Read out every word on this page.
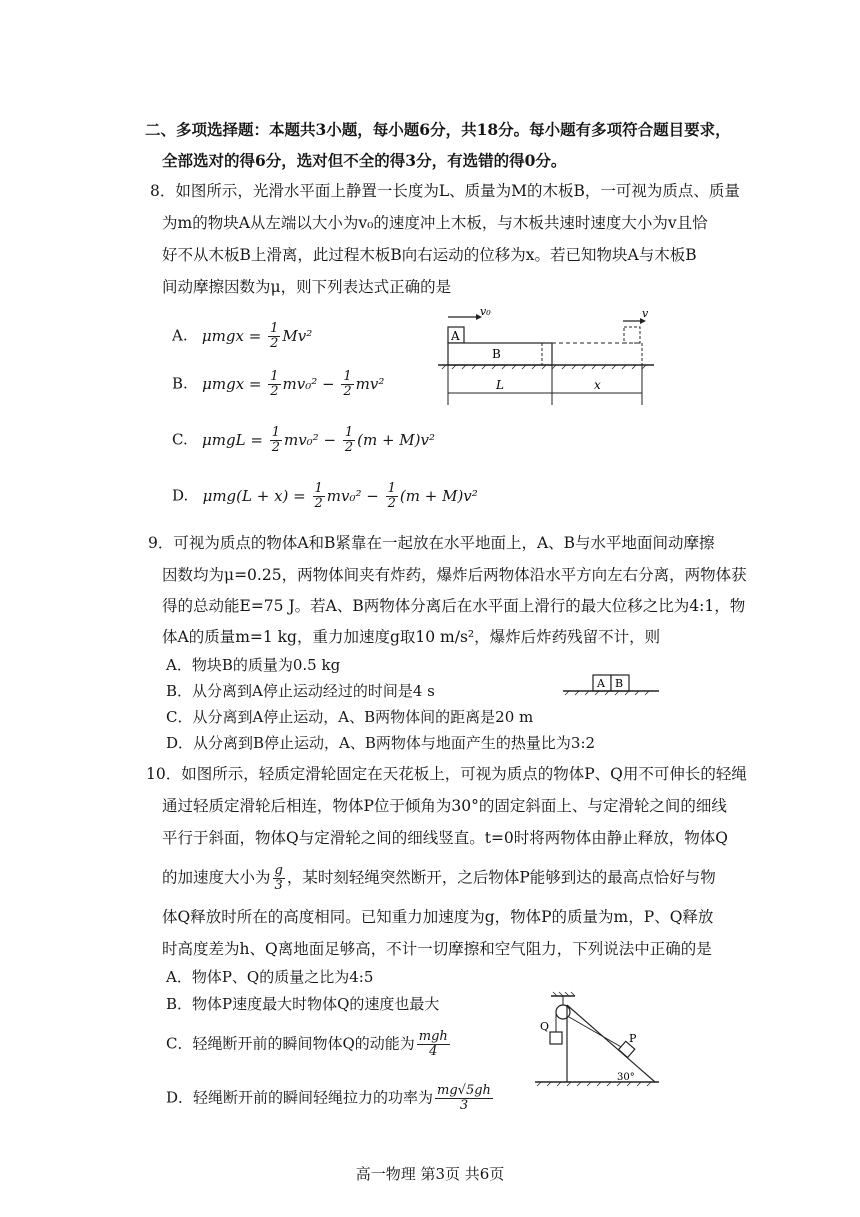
二、多项选择题：本题共3小题，每小题6分，共18分。每小题有多项符合题目要求，
全部选对的得6分，选对但不全的得3分，有选错的得0分。
8．如图所示，光滑水平面上静置一长度为L、质量为M的木板B，一可视为质点、质量
为m的物块A从左端以大小为v₀的速度冲上木板，与木板共速时速度大小为v且恰
好不从木板B上滑离，此过程木板B向右运动的位移为x。若已知物块A与木板B
间动摩擦因数为μ，则下列表达式正确的是
A.   $\mu mgx = \frac{1}{2} Mv^2$
B.   $\mu mgx = \frac{1}{2} mv_0^2 - \frac{1}{2} mv^2$
C.   $\mu mgL = \frac{1}{2} mv_0^2 - \frac{1}{2} (m + M)v^2$
D.   $\mu mg(L + x) = \frac{1}{2} mv_0^2 - \frac{1}{2} (m + M)v^2$
v₀	v
A
B
L	x
9．可视为质点的物体A和B紧靠在一起放在水平地面上，A、B与水平地面间动摩擦
因数均为μ=0.25，两物体间夹有炸药，爆炸后两物体沿水平方向左右分离，两物体获
得的总动能E=75 J。若A、B两物体分离后在水平面上滑行的最大位移之比为4:1，物
体A的质量m=1 kg，重力加速度g取10 m/s²，爆炸后炸药残留不计，则
A．物块B的质量为0.5 kg
B．从分离到A停止运动经过的时间是4 s
C．从分离到A停止运动，A、B两物体间的距离是20 m
D．从分离到B停止运动，A、B两物体与地面产生的热量比为3:2
A B
10．如图所示，轻质定滑轮固定在天花板上，可视为质点的物体P、Q用不可伸长的轻绳
通过轻质定滑轮后相连，物体P位于倾角为30°的固定斜面上、与定滑轮之间的细线
平行于斜面，物体Q与定滑轮之间的细线竖直。t=0时将两物体由静止释放，物体Q
的加速度大小为 $\frac{g}{3}$ ，某时刻轻绳突然断开，之后物体P能够到达的最高点恰好与物
体Q释放时所在的高度相同。已知重力加速度为g，物体P的质量为m，P、Q释放
时高度差为h、Q离地面足够高，不计一切摩擦和空气阻力，下列说法中正确的是
A．物体P、Q的质量之比为4:5
B．物体P速度最大时物体Q的速度也最大
C．轻绳断开前的瞬间物体Q的动能为 $\frac{\text{mgh}}{4}$
D．轻绳断开前的瞬间轻绳拉力的功率为 $\frac{mg√5gh}{3}$
Q
P
30°
高一物理 第3页 共6页
